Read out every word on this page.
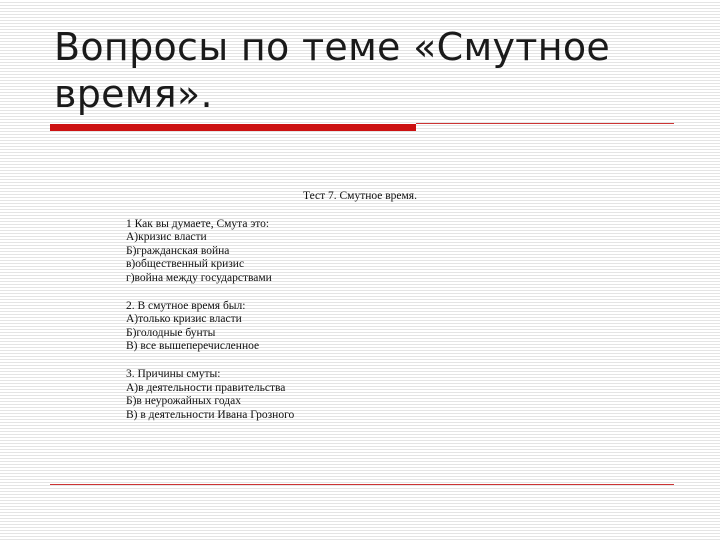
Вопросы по теме «Смутное время».
Тест 7. Смутное время.
1 Как вы думаете, Смута это:
А)кризис власти
Б)гражданская война
в)общественный кризис
г)война между государствами
2. В смутное время был:
А)только кризис власти
Б)голодные бунты
В) все вышеперечисленное
3. Причины смуты:
А)в деятельности правительства
Б)в неурожайных годах
В) в деятельности Ивана Грозного
